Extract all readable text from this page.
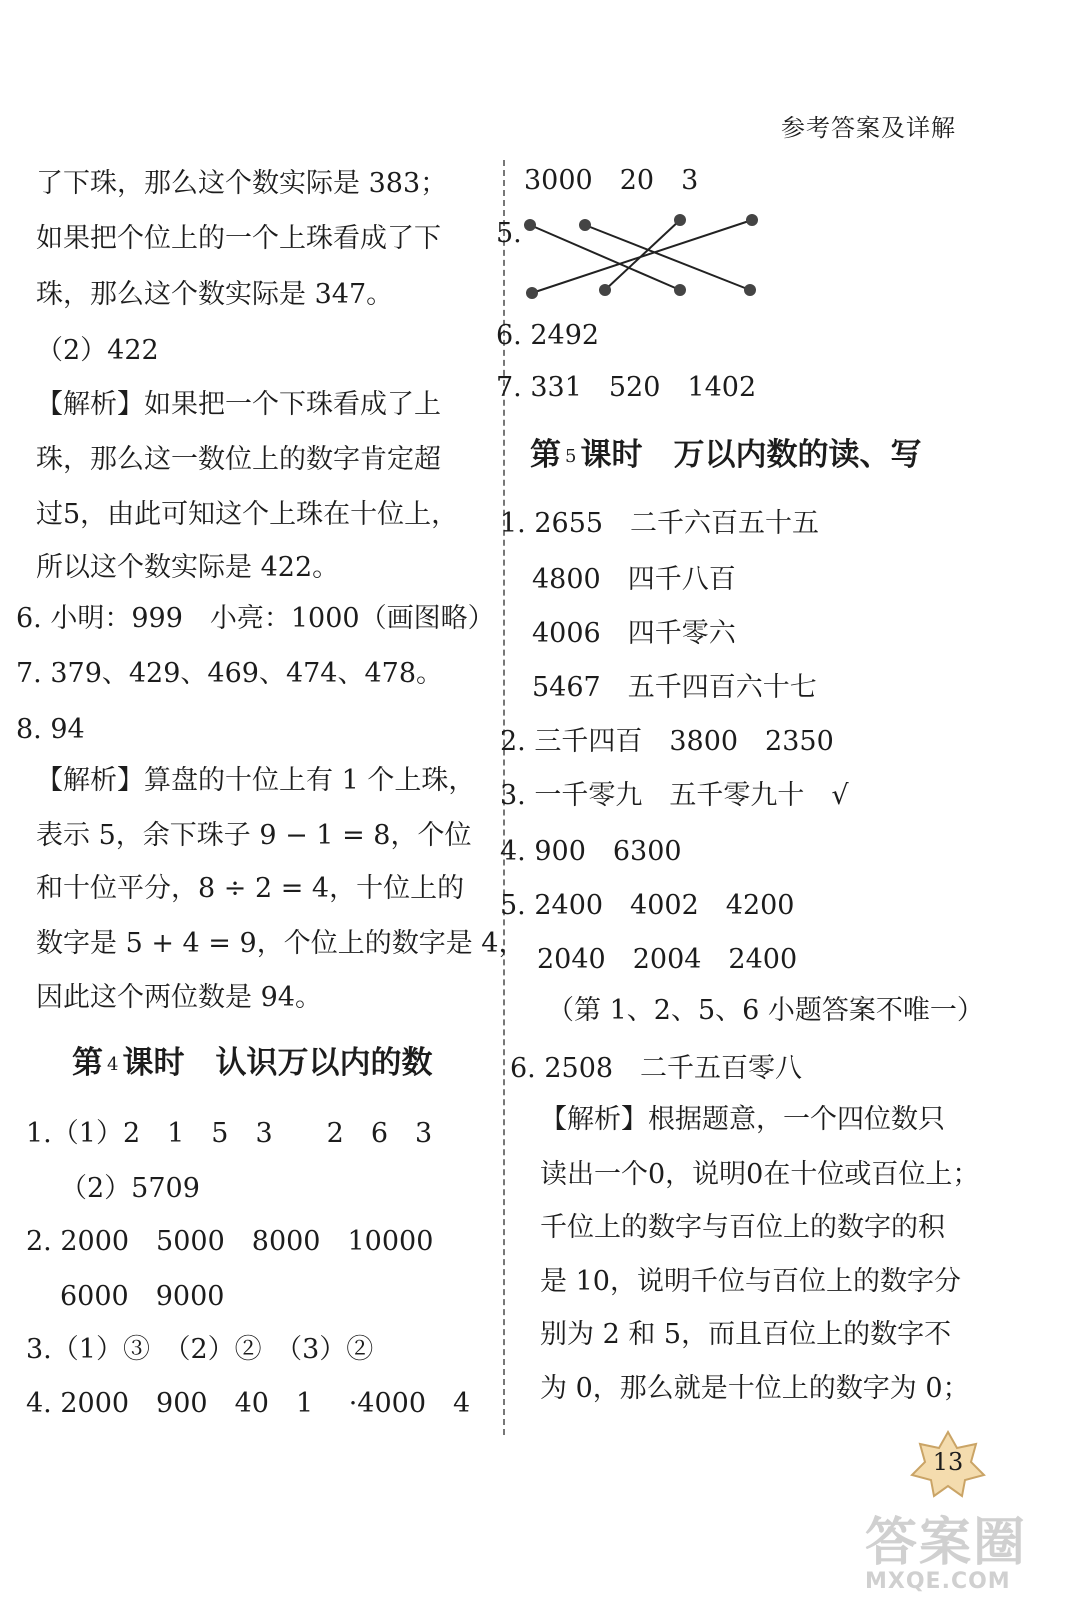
参考答案及详解
了下珠，那么这个数实际是 383；
如果把个位上的一个上珠看成了下
珠，那么这个数实际是 347。
（2）422
【解析】如果把一个下珠看成了上
珠，那么这一数位上的数字肯定超
过5，由此可知这个上珠在十位上，
所以这个数实际是 422。
6. 小明：999　小亮：1000（画图略）
7. 379、429、469、474、478。
8. 94
【解析】算盘的十位上有 1 个上珠，
表示 5，余下珠子 9 − 1 = 8，个位
和十位平分，8 ÷ 2 = 4，十位上的
数字是 5 + 4 = 9，个位上的数字是 4，
因此这个两位数是 94。
第 4 课时　认识万以内的数
1.（1）2　1　5　3　　2　6　3
（2）5709
2. 2000　5000　8000　10000
6000　9000
3.（1）③　（2）②　（3）②
4. 2000　900　40　1　 ·4000　4
3000　20　3
5.
6. 2492
7. 331　520　1402
第 5 课时　万以内数的读、写
1. 2655　二千六百五十五
4800　四千八百
4006　四千零六
5467　五千四百六十七
2. 三千四百　3800　2350
3. 一千零九　五千零九十　√
4. 900　6300
5. 2400　4002　4200
2040　2004　2400
（第 1、2、5、6 小题答案不唯一）
6. 2508　二千五百零八
【解析】根据题意，一个四位数只
读出一个0，说明0在十位或百位上；
千位上的数字与百位上的数字的积
是 10，说明千位与百位上的数字分
别为 2 和 5，而且百位上的数字不
为 0，那么就是十位上的数字为 0；
13
答案圈
MXQE.COM
